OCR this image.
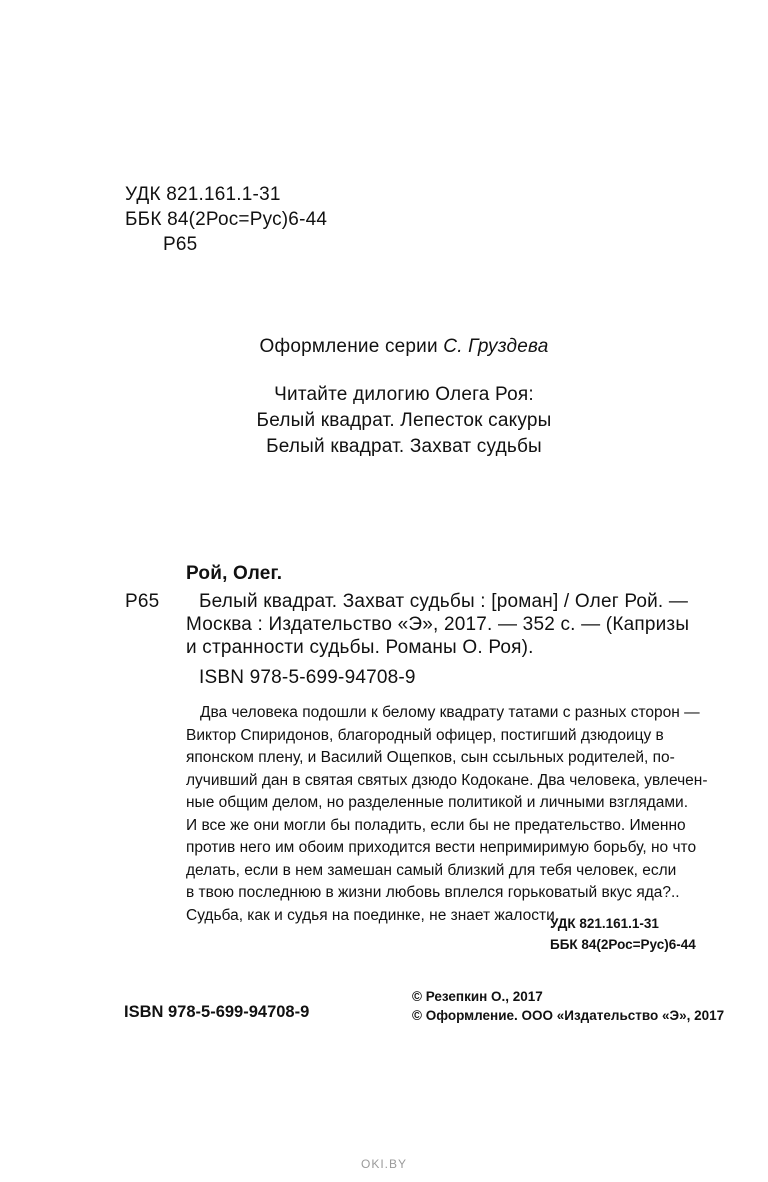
УДК 821.161.1-31
ББК 84(2Рос=Рус)6-44
Р65
Оформление серии С. Груздева
Читайте дилогию Олега Роя:
Белый квадрат. Лепесток сакуры
Белый квадрат. Захват судьбы
Рой, Олег.
Р65 Белый квадрат. Захват судьбы : [роман] / Олег Рой. —
Москва : Издательство «Э», 2017. — 352 с. — (Капризы
и странности судьбы. Романы О. Роя).
ISBN 978-5-699-94708-9
Два человека подошли к белому квадрату татами с разных сторон —
Виктор Спиридонов, благородный офицер, постигший дзюдоицу в
японском плену, и Василий Ощепков, сын ссыльных родителей, по-
лучивший дан в святая святых дзюдо Кодокане. Два человека, увлечен-
ные общим делом, но разделенные политикой и личными взглядами.
И все же они могли бы поладить, если бы не предательство. Именно
против него им обоим приходится вести непримиримую борьбу, но что
делать, если в нем замешан самый близкий для тебя человек, если
в твою последнюю в жизни любовь вплелся горьковатый вкус яда?..
Судьба, как и судья на поединке, не знает жалости.
УДК 821.161.1-31
ББК 84(2Рос=Рус)6-44
© Резепкин О., 2017
ISBN 978-5-699-94708-9	© Оформление. ООО «Издательство «Э», 2017
OKI.BY
